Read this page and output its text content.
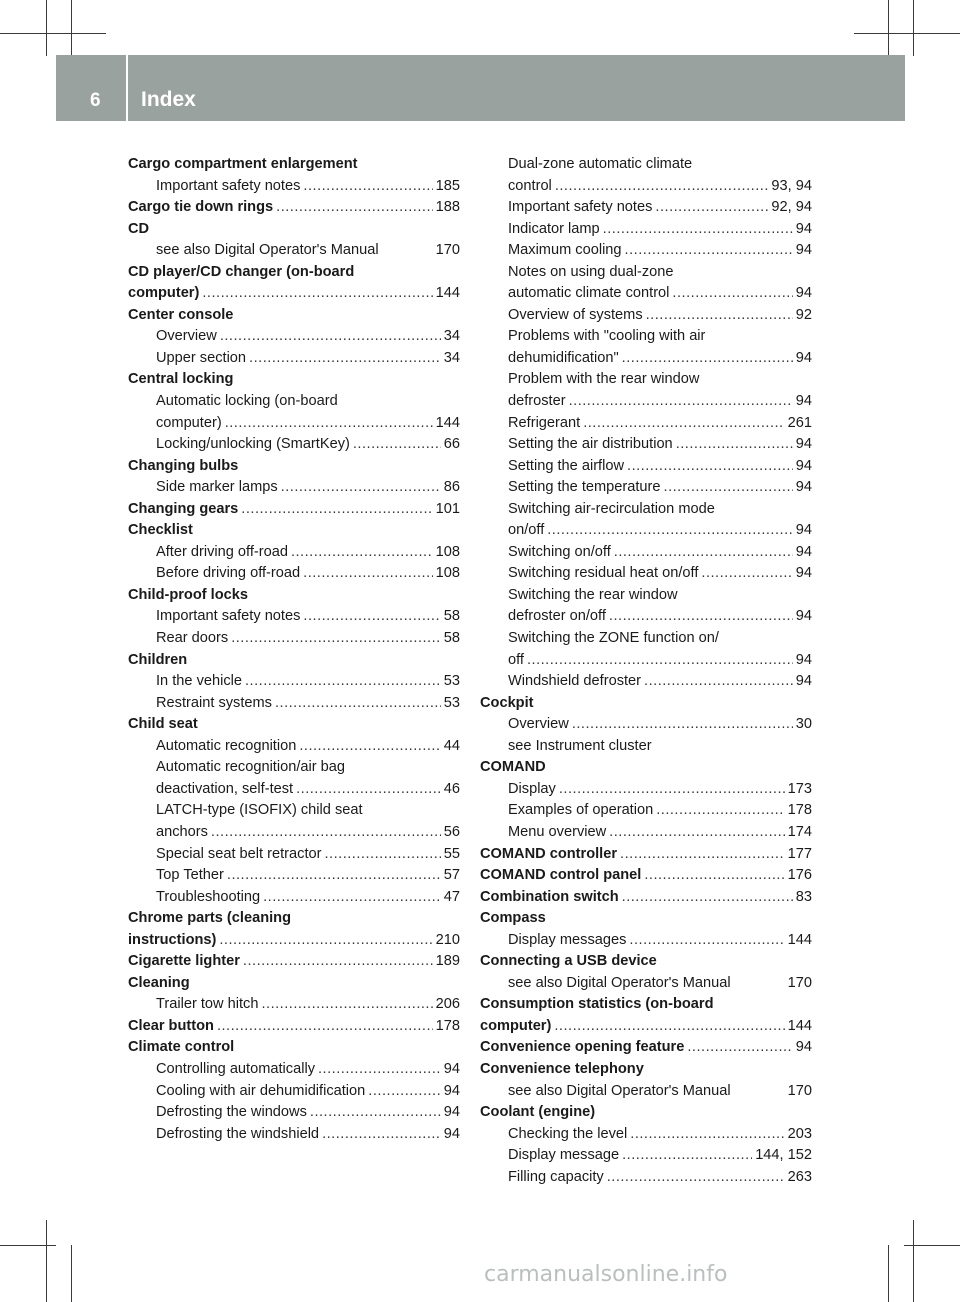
6	Index
Cargo compartment enlargement
Important safety notes .....	185
Cargo tie down rings .....	188
CD
see also Digital Operator's Manual	170
CD player/CD changer (on-board
computer) .....	144
Center console
Overview .....	34
Upper section .....	34
Central locking
Automatic locking (on-board
computer) .....	144
Locking/unlocking (SmartKey) .....	66
Changing bulbs
Side marker lamps .....	86
Changing gears .....	101
Checklist
After driving off-road .....	108
Before driving off-road .....	108
Child-proof locks
Important safety notes .....	58
Rear doors .....	58
Children
In the vehicle .....	53
Restraint systems .....	53
Child seat
Automatic recognition .....	44
Automatic recognition/air bag
deactivation, self-test .....	46
LATCH-type (ISOFIX) child seat
anchors .....	56
Special seat belt retractor .....	55
Top Tether .....	57
Troubleshooting .....	47
Chrome parts (cleaning
instructions) .....	210
Cigarette lighter .....	189
Cleaning
Trailer tow hitch .....	206
Clear button .....	178
Climate control
Controlling automatically .....	94
Cooling with air dehumidification .....	94
Defrosting the windows .....	94
Defrosting the windshield .....	94
Dual-zone automatic climate
control .....	93, 94
Important safety notes .....	92, 94
Indicator lamp .....	94
Maximum cooling .....	94
Notes on using dual-zone
automatic climate control .....	94
Overview of systems .....	92
Problems with "cooling with air
dehumidification" .....	94
Problem with the rear window
defroster .....	94
Refrigerant .....	261
Setting the air distribution .....	94
Setting the airflow .....	94
Setting the temperature .....	94
Switching air-recirculation mode
on/off .....	94
Switching on/off .....	94
Switching residual heat on/off .....	94
Switching the rear window
defroster on/off .....	94
Switching the ZONE function on/
off .....	94
Windshield defroster .....	94
Cockpit
Overview .....	30
see Instrument cluster
COMAND
Display .....	173
Examples of operation .....	178
Menu overview .....	174
COMAND controller .....	177
COMAND control panel .....	176
Combination switch .....	83
Compass
Display messages .....	144
Connecting a USB device
see also Digital Operator's Manual	170
Consumption statistics (on-board
computer) .....	144
Convenience opening feature .....	94
Convenience telephony
see also Digital Operator's Manual	170
Coolant (engine)
Checking the level .....	203
Display message .....	144, 152
Filling capacity .....	263
carmanualsonline.info
